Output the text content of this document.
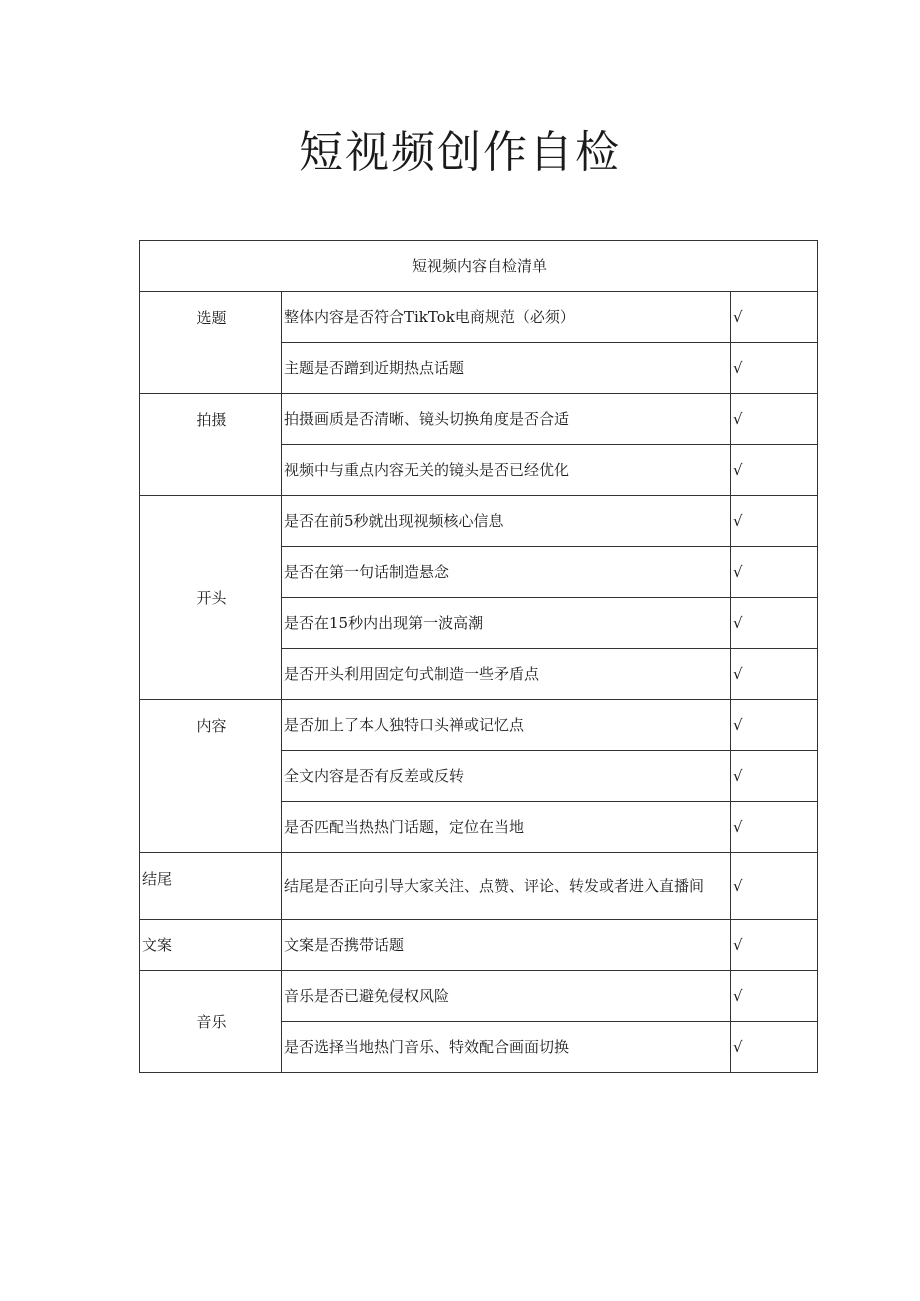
短视频创作自检
短视频内容自检清单		
选题	整体内容是否符合TikTok电商规范（必须）	√
	主题是否蹭到近期热点话题	√
拍摄	拍摄画质是否清晰、镜头切换角度是否合适	√
	视频中与重点内容无关的镜头是否已经优化	√
开头	是否在前5秒就出现视频核心信息	√
	是否在第一句话制造悬念	√
	是否在15秒内出现第一波高潮	√
	是否开头利用固定句式制造一些矛盾点	√
内容	是否加上了本人独特口头禅或记忆点	√
	全文内容是否有反差或反转	√
	是否匹配当热热门话题，定位在当地	√
结尾	结尾是否正向引导大家关注、点赞、评论、转发或者进入直播间	√
文案	文案是否携带话题	√
音乐	音乐是否已避免侵权风险	√
	是否选择当地热门音乐、特效配合画面切换	√
